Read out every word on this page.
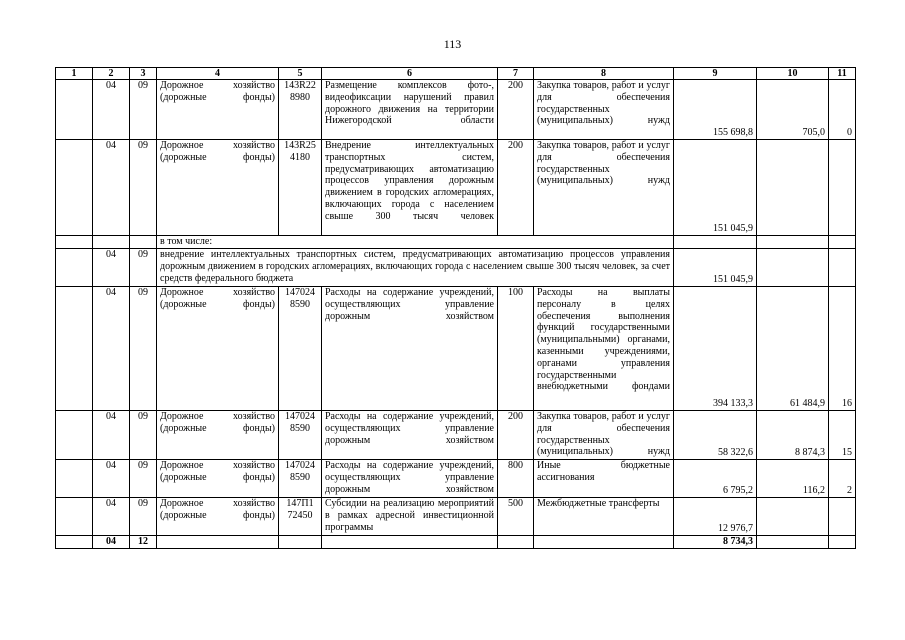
113
1	2	3	4	5	6	7	8	9	10	11
	04	09	Дорожное хозяйство (дорожные фонды)	143R22 8980	Размещение комплексов фото-, видеофиксации нарушений правил дорожного движения на территории Нижегородской области	200	Закупка товаров, работ и услуг для обеспечения государственных (муниципальных) нужд	155 698,8	705,0	0
	04	09	Дорожное хозяйство (дорожные фонды)	143R25 4180	Внедрение интеллектуальных транспортных систем, предусматривающих автоматизацию процессов управления дорожным движением в городских агломерациях, включающих города с населением свыше 300 тысяч человек	200	Закупка товаров, работ и услуг для обеспечения государственных (муниципальных) нужд	151 045,9		
			в том числе:							
	04	09	внедрение интеллектуальных транспортных систем, предусматривающих автоматизацию процессов управления дорожным движением в городских агломерациях, включающих города с населением свыше 300 тысяч человек, за счет средств федерального бюджета					151 045,9		
	04	09	Дорожное хозяйство (дорожные фонды)	147024 8590	Расходы на содержание учреждений, осуществляющих управление дорожным хозяйством	100	Расходы на выплаты персоналу в целях обеспечения выполнения функций государственными (муниципальными) органами, казенными учреждениями, органами управления государственными внебюджетными фондами	394 133,3	61 484,9	16
	04	09	Дорожное хозяйство (дорожные фонды)	147024 8590	Расходы на содержание учреждений, осуществляющих управление дорожным хозяйством	200	Закупка товаров, работ и услуг для обеспечения государственных (муниципальных) нужд	58 322,6	8 874,3	15
	04	09	Дорожное хозяйство (дорожные фонды)	147024 8590	Расходы на содержание учреждений, осуществляющих управление дорожным хозяйством	800	Иные бюджетные ассигнования	6 795,2	116,2	2
	04	09	Дорожное хозяйство (дорожные фонды)	147П1 72450	Субсидии на реализацию мероприятий в рамках адресной инвестиционной программы	500	Межбюджетные трансферты	12 976,7		
	04	12						8 734,3		
